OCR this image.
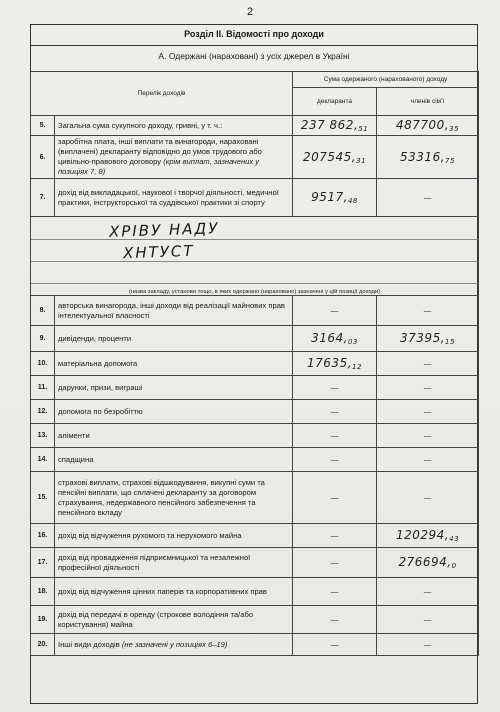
2
Розділ ІІ. Відомості про доходи
А. Одержані (нараховані) з усіх джерел в Україні
Перелік доходів		Сума одержаного (нарахованого) доходу	
		декларанта	членів сім'ї
5.	Загальна сума сукупного доходу, гривні, у т. ч.:	237 862,51	487700,35
6.	заробітна плата, інші виплати та винагороди, нараховані (виплачені) декларанту відповідно до умов трудового або цивільно-правового договору (крім виплат, зазначених у позиціях 7, 8)	207545,31	53316,75
7.	дохід від викладацької, наукової і творчої діяльності, медичної практики, інструкторської та суддівської практики зі спорту	9517,48	—

ХРІВУ НАДУ
ХНТУСТ
(назва закладу, установи тощо, в яких одержано (нараховано) зазначені у цій позиції доходи)			

8.	авторська винагорода, інші доходи від реалізації майнових прав інтелектуальної власності	—	—
9.	дивіденди, проценти	3164,03	37395,15
10.	матеріальна допомога	17635,12	—
11.	дарунки, призи, виграші	—	—
12.	допомога по безробіттю	—	—
13.	аліменти	—	—
14.	спадщина	—	—
15.	страхові виплати, страхові відшкодування, викупні суми та пенсійні виплати, що сплачені декларанту за договором страхування, недержавного пенсійного забезпечення та пенсійного вкладу	—	—
16.	дохід від відчуження рухомого та нерухомого майна	—	120294,43
17.	дохід від провадження підприємницької та незалежної професійної діяльності	—	276694,0
18.	дохід від відчуження цінних паперів та корпоративних прав	—	—
19.	дохід від передачі в оренду (строкове володіння та/або користування) майна	—	—
20.	Інші види доходів (не зазначені у позиціях 6–19)	—	—
